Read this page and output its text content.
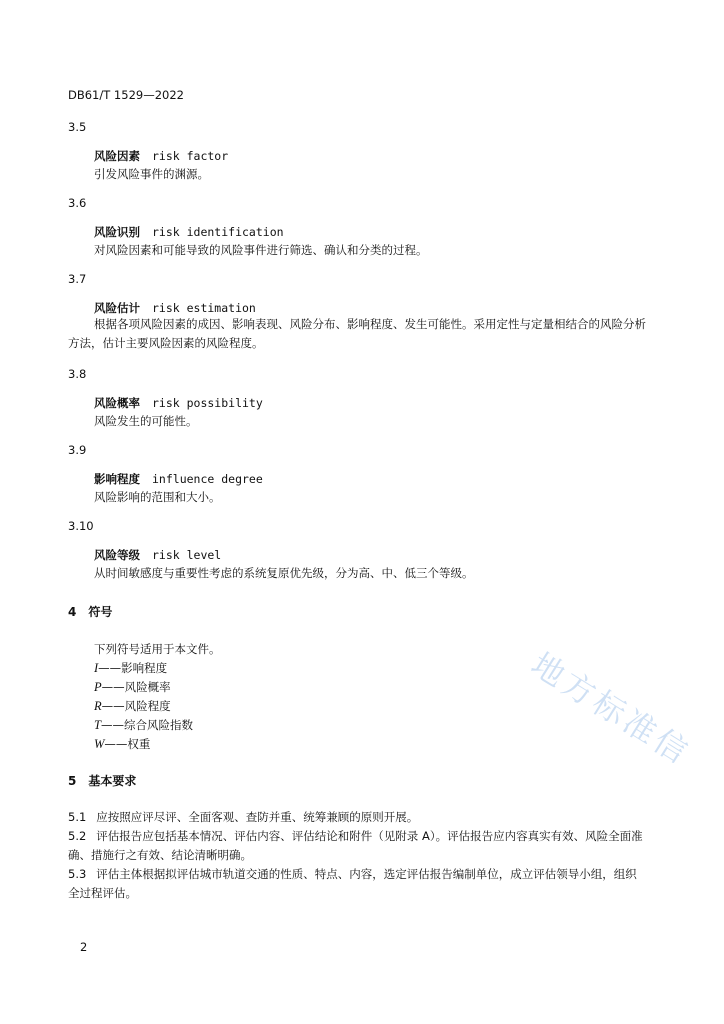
DB61/T 1529—2022
3.5
风险因素 risk factor
引发风险事件的渊源。
3.6
风险识别 risk identification
对风险因素和可能导致的风险事件进行筛选、确认和分类的过程。
3.7
风险估计 risk estimation
根据各项风险因素的成因、影响表现、风险分布、影响程度、发生可能性。采用定性与定量相结合的风险分析方法，估计主要风险因素的风险程度。
3.8
风险概率 risk possibility
风险发生的可能性。
3.9
影响程度 influence degree
风险影响的范围和大小。
3.10
风险等级 risk level
从时间敏感度与重要性考虑的系统复原优先级，分为高、中、低三个等级。
4 符号
下列符号适用于本文件。
I——影响程度
P——风险概率
R——风险程度
T——综合风险指数
W——权重
5 基本要求
5.1 应按照应评尽评、全面客观、查防并重、统筹兼顾的原则开展。
5.2 评估报告应包括基本情况、评估内容、评估结论和附件（见附录 A）。评估报告应内容真实有效、风险全面准确、措施行之有效、结论清晰明确。
5.3 评估主体根据拟评估城市轨道交通的性质、特点、内容，选定评估报告编制单位，成立评估领导小组，组织全过程评估。
2
地方标准信
